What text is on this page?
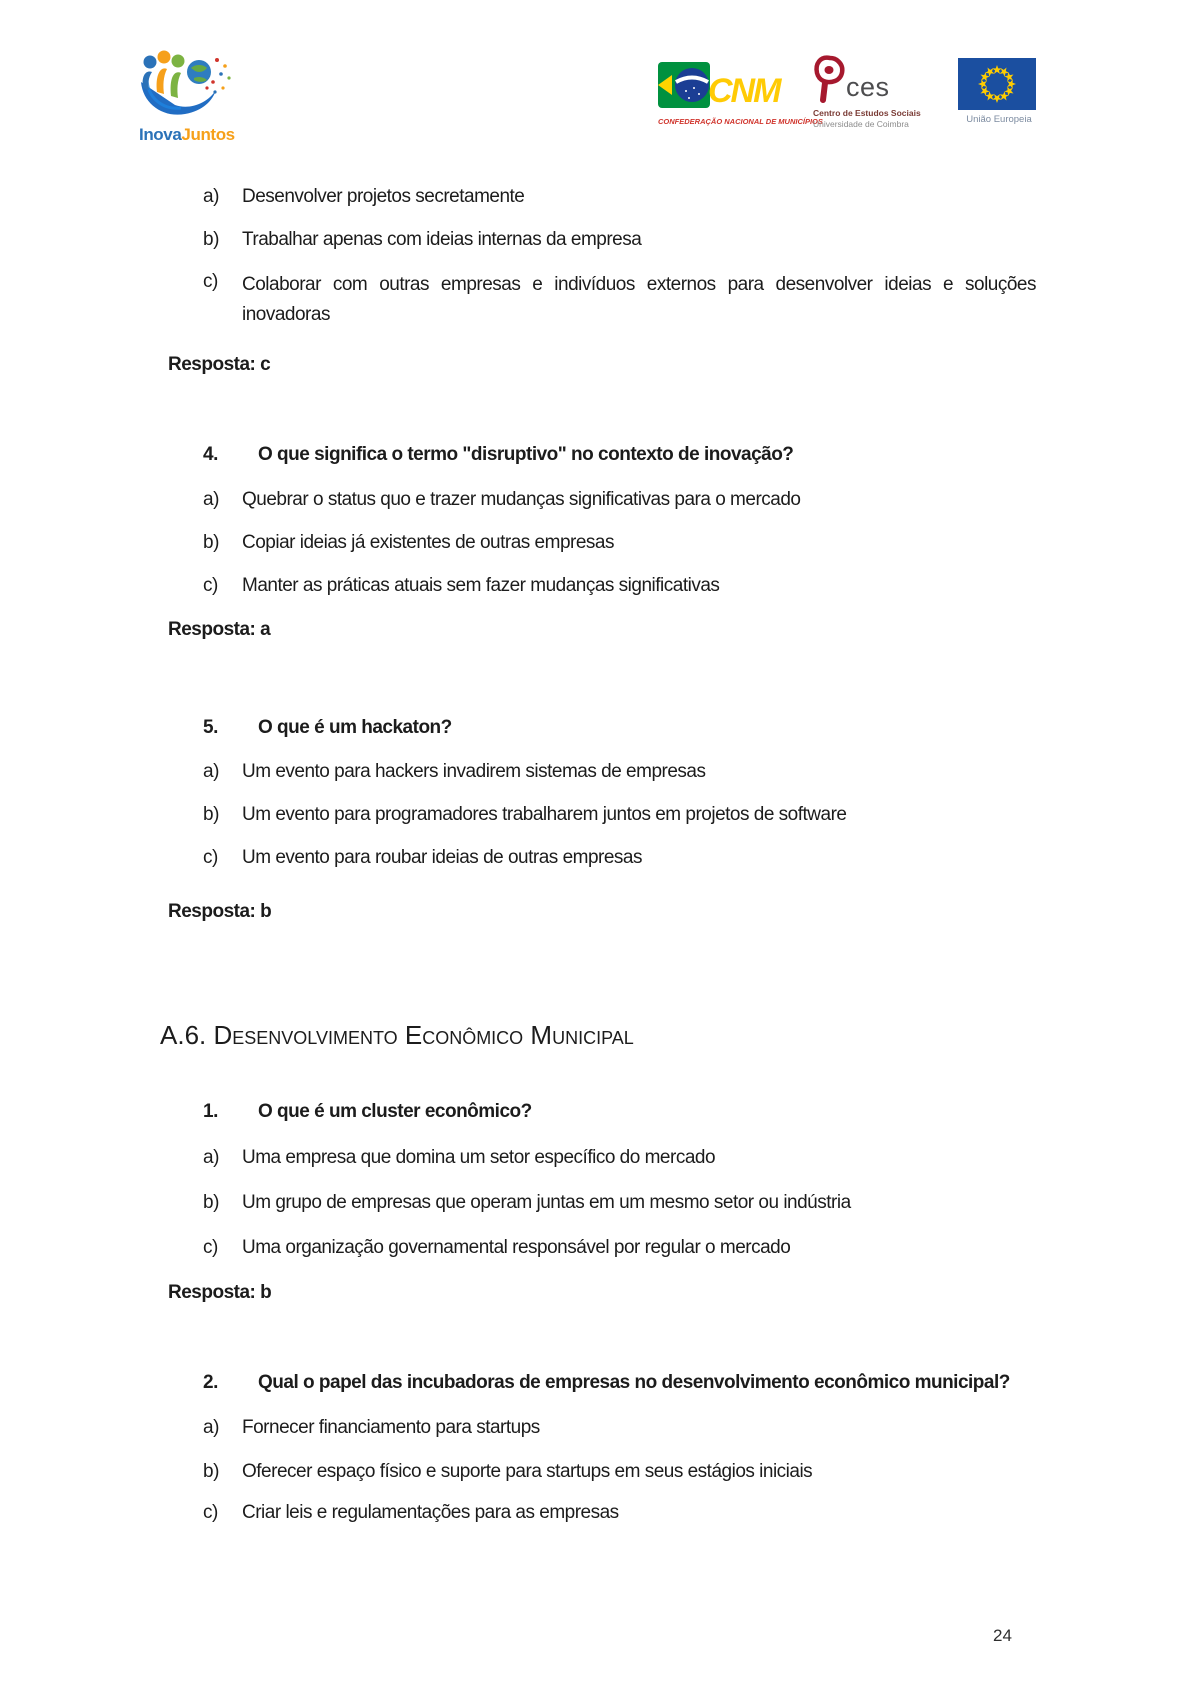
InovaJuntos
CNM
CONFEDERAÇÃO NACIONAL DE MUNICÍPIOS
ces
Centro de Estudos Sociais
Universidade de Coimbra	União Europeia
a) Desenvolver projetos secretamente
b) Trabalhar apenas com ideias internas da empresa
c) Colaborar com outras empresas e indivíduos externos para desenvolver ideias e soluções inovadoras
Resposta: c
4. O que significa o termo "disruptivo" no contexto de inovação?
a) Quebrar o status quo e trazer mudanças significativas para o mercado
b) Copiar ideias já existentes de outras empresas
c) Manter as práticas atuais sem fazer mudanças significativas
Resposta: a
5. O que é um hackaton?
a) Um evento para hackers invadirem sistemas de empresas
b) Um evento para programadores trabalharem juntos em projetos de software
c) Um evento para roubar ideias de outras empresas
Resposta: b
A.6. Desenvolvimento Econômico Municipal
1. O que é um cluster econômico?
a) Uma empresa que domina um setor específico do mercado
b) Um grupo de empresas que operam juntas em um mesmo setor ou indústria
c) Uma organização governamental responsável por regular o mercado
Resposta: b
2. Qual o papel das incubadoras de empresas no desenvolvimento econômico municipal?
a) Fornecer financiamento para startups
b) Oferecer espaço físico e suporte para startups em seus estágios iniciais
c) Criar leis e regulamentações para as empresas
24
